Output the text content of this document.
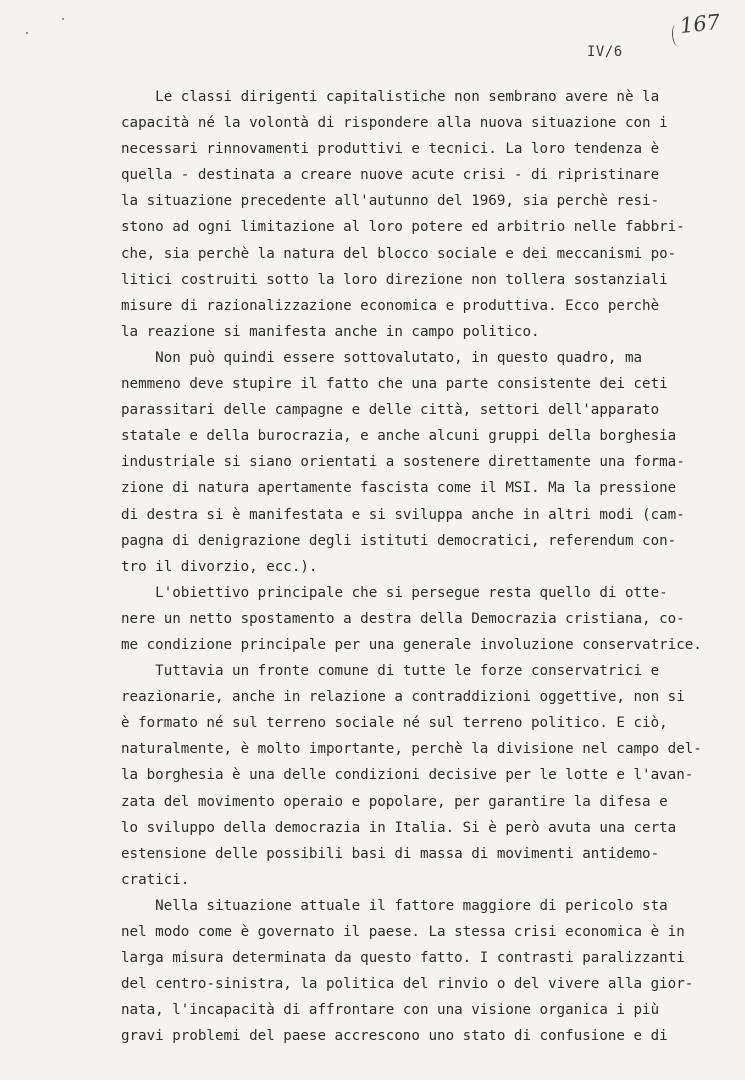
167
IV/6
Le classi dirigenti capitalistiche non sembrano avere nè la
capacità né la volontà di rispondere alla nuova situazione con i
necessari rinnovamenti produttivi e tecnici. La loro tendenza è
quella - destinata a creare nuove acute crisi - di ripristinare
la situazione precedente all'autunno del 1969, sia perchè resi-
stono ad ogni limitazione al loro potere ed arbitrio nelle fabbri-
che, sia perchè la natura del blocco sociale e dei meccanismi po-
litici costruiti sotto la loro direzione non tollera sostanziali
misure di razionalizzazione economica e produttiva. Ecco perchè
la reazione si manifesta anche in campo politico.
Non può quindi essere sottovalutato, in questo quadro, ma
nemmeno deve stupire il fatto che una parte consistente dei ceti
parassitari delle campagne e delle città, settori dell'apparato
statale e della burocrazia, e anche alcuni gruppi della borghesia
industriale si siano orientati a sostenere direttamente una forma-
zione di natura apertamente fascista come il MSI. Ma la pressione
di destra si è manifestata e si sviluppa anche in altri modi (cam-
pagna di denigrazione degli istituti democratici, referendum con-
tro il divorzio, ecc.).
L'obiettivo principale che si persegue resta quello di otte-
nere un netto spostamento a destra della Democrazia cristiana, co-
me condizione principale per una generale involuzione conservatrice.
Tuttavia un fronte comune di tutte le forze conservatrici e
reazionarie, anche in relazione a contraddizioni oggettive, non si
è formato né sul terreno sociale né sul terreno politico. E ciò,
naturalmente, è molto importante, perchè la divisione nel campo del-
la borghesia è una delle condizioni decisive per le lotte e l'avan-
zata del movimento operaio e popolare, per garantire la difesa e
lo sviluppo della democrazia in Italia. Si è però avuta una certa
estensione delle possibili basi di massa di movimenti antidemo-
cratici.
Nella situazione attuale il fattore maggiore di pericolo sta
nel modo come è governato il paese. La stessa crisi economica è in
larga misura determinata da questo fatto. I contrasti paralizzanti
del centro-sinistra, la politica del rinvio o del vivere alla gior-
nata, l'incapacità di affrontare con una visione organica i più
gravi problemi del paese accrescono uno stato di confusione e di
